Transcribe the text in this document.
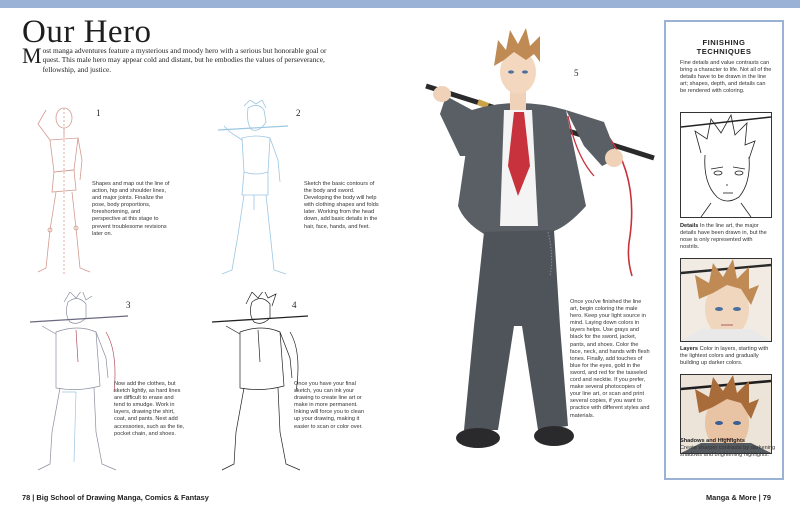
Our Hero
Most manga adventures feature a mysterious and moody hero with a serious but honorable goal or quest. This male hero may appear cold and distant, but he embodies the values of perseverance, fellowship, and justice.
1
Shapes and map out the line of action, hip and shoulder lines, and major joints. Finalize the pose, body proportions, foreshortening, and perspective at this stage to prevent troublesome revisions later on.
2
Sketch the basic contours of the body and sword. Developing the body will help with clothing shapes and folds later. Working from the head down, add basic details in the hair, face, hands, and feet.
3
Now add the clothes, but sketch lightly, as hard lines are difficult to erase and tend to smudge. Work in layers, drawing the shirt, coat, and pants. Next add accessories, such as the tie, pocket chain, and shoes.
4
Once you have your final sketch, you can ink your drawing to create line art or make in more permanent. Inking will force you to clean up your drawing, making it easier to scan or color over.
5
Once you've finished the line art, begin coloring the male hero. Keep your light source in mind. Laying down colors in layers helps. Use grays and black for the sword, jacket, pants, and shoes. Color the face, neck, and hands with flesh tones. Finally, add touches of blue for the eyes, gold in the sword, and red for the tasseled cord and necktie. If you prefer, make several photocopies of your line art, or scan and print several copies, if you want to practice with different styles and materials.
FINISHING
TECHNIQUES
Fine details and value contrasts can bring a character to life. Not all of the details have to be drawn in the line art; shapes, depth, and details can be rendered with coloring.
Details In the line art, the major details have been drawn in, but the nose is only represented with nostrils.
Layers Color in layers, starting with the lightest colors and gradually building up darker colors.
Shadows and Highlights
Create sharper contrasts by darkening shadows and brightening highlights.
78 | Big School of Drawing Manga, Comics & Fantasy	Manga & More | 79
